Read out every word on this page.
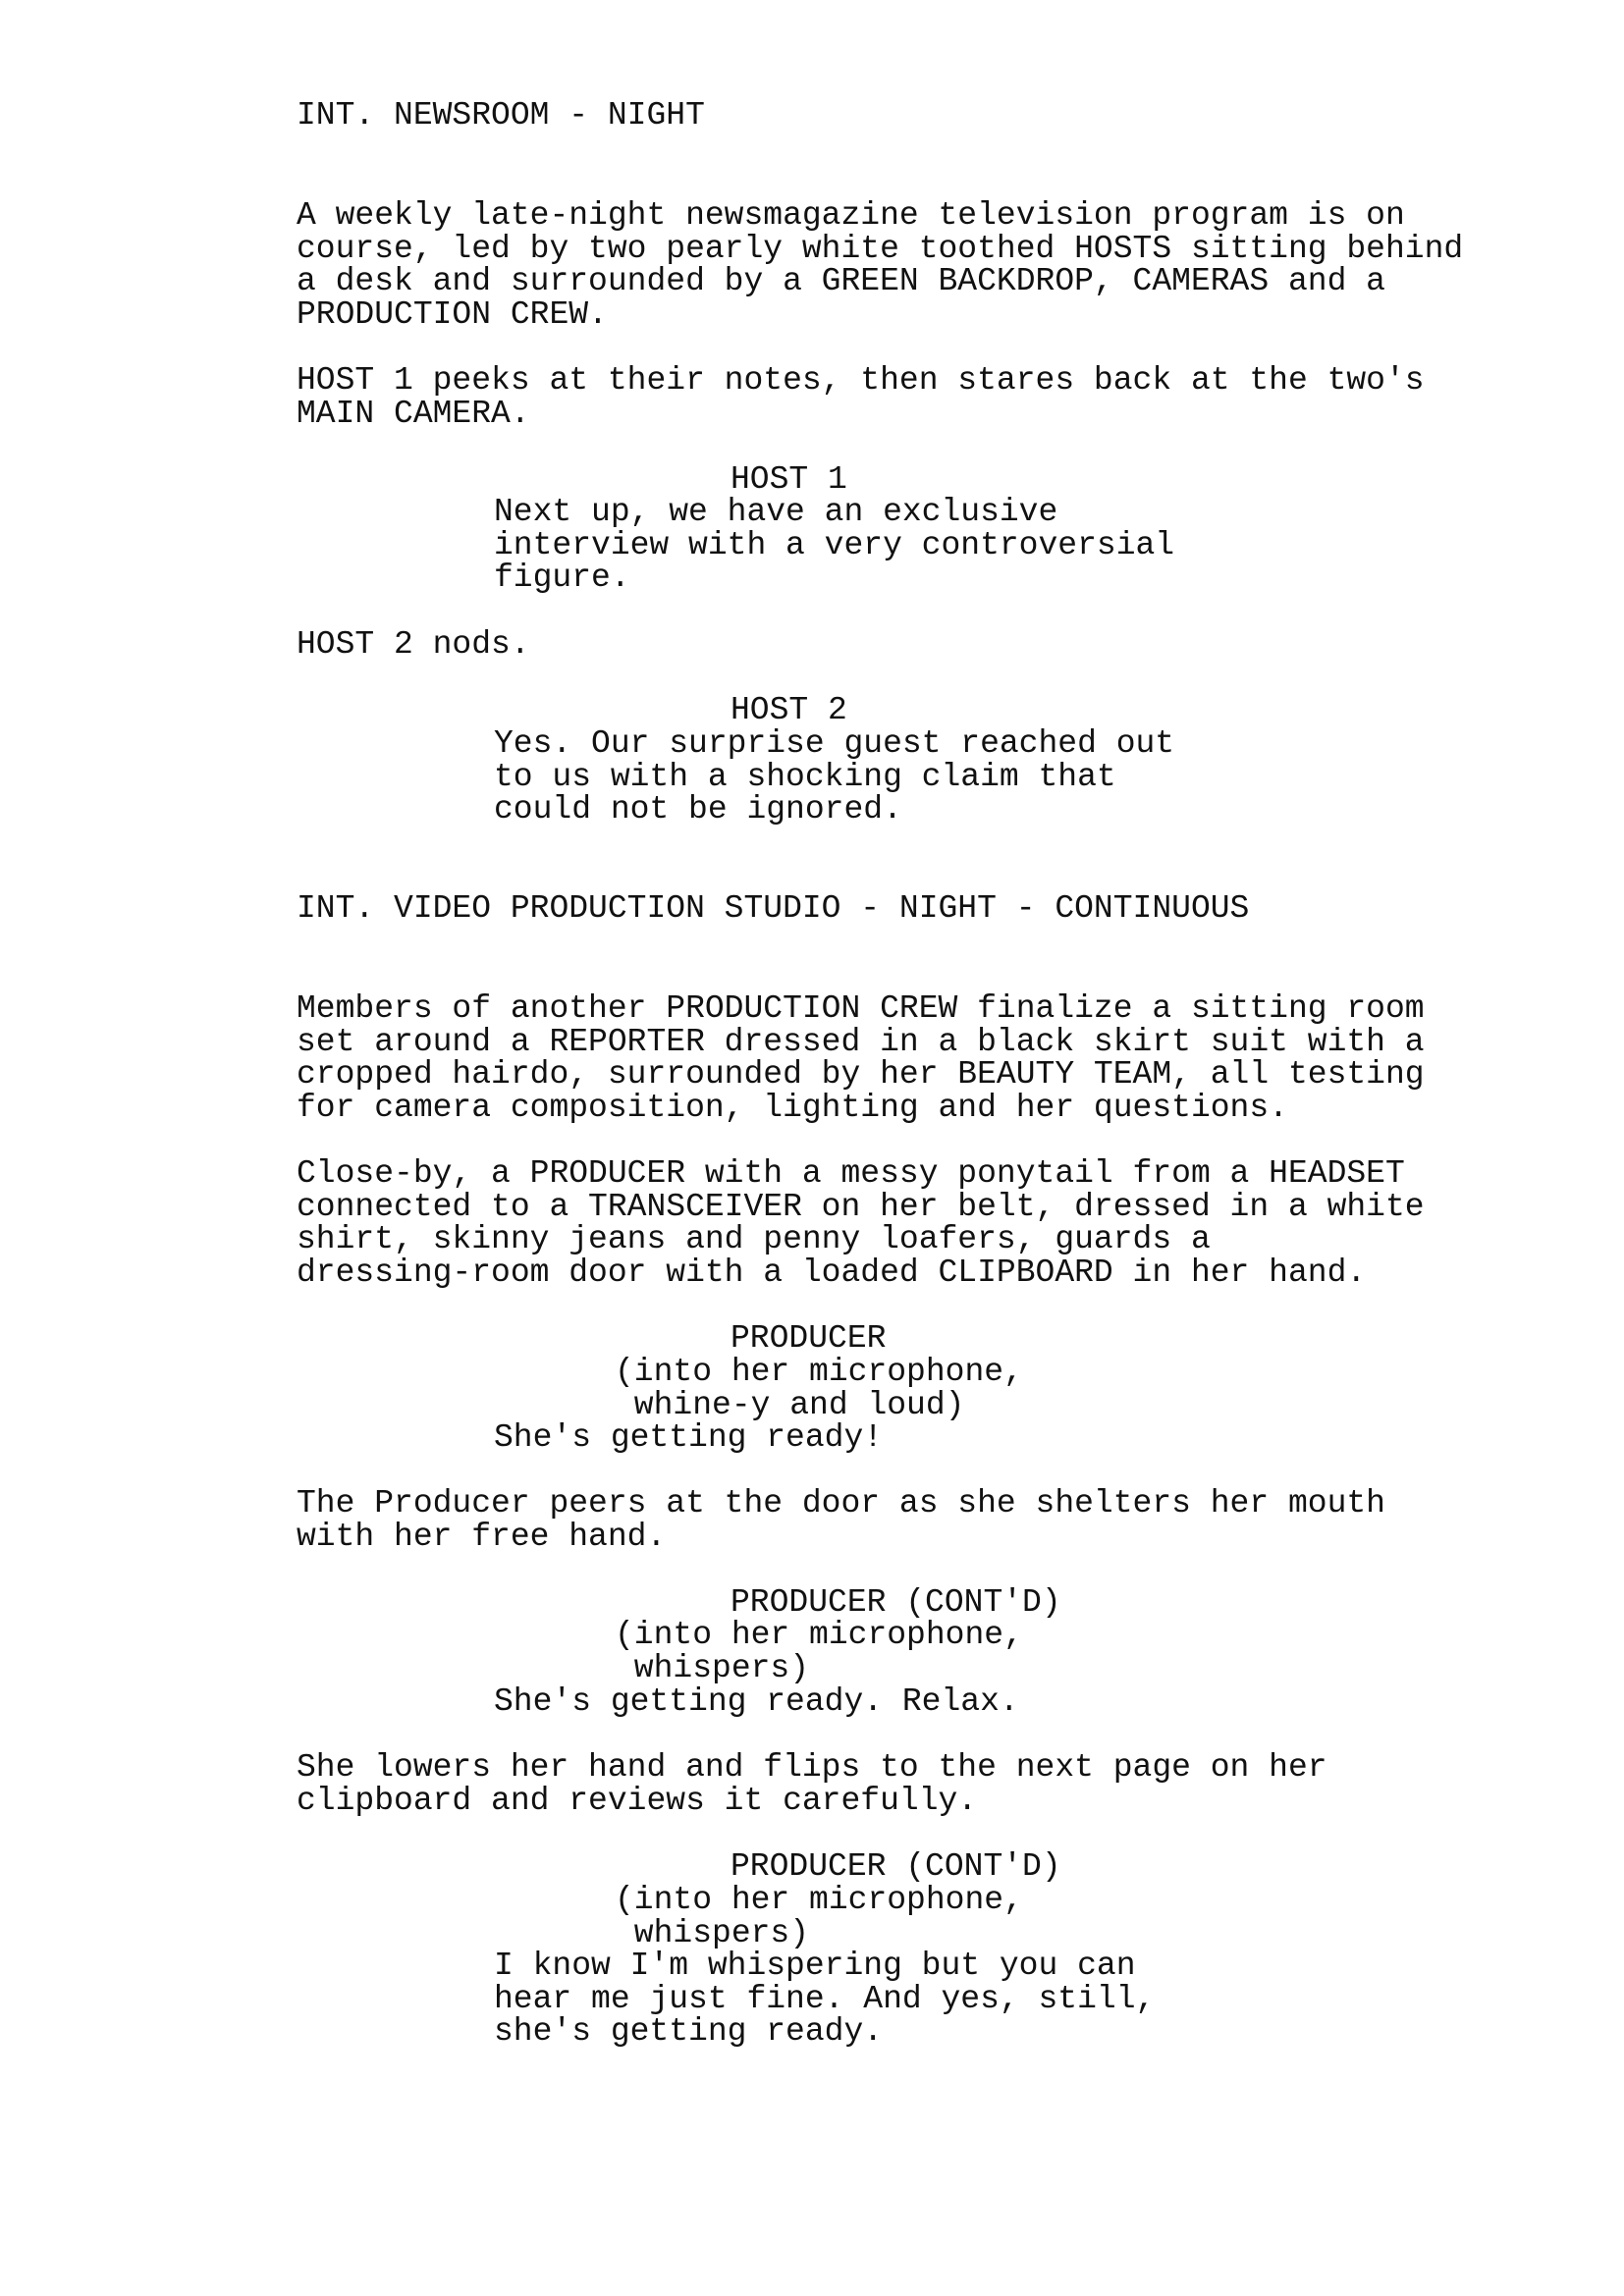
INT. NEWSROOM - NIGHT
A weekly late-night newsmagazine television program is on
course, led by two pearly white toothed HOSTS sitting behind
a desk and surrounded by a GREEN BACKDROP, CAMERAS and a
PRODUCTION CREW.
HOST 1 peeks at their notes, then stares back at the two's
MAIN CAMERA.
HOST 1
Next up, we have an exclusive
interview with a very controversial
figure.
HOST 2 nods.
HOST 2
Yes. Our surprise guest reached out
to us with a shocking claim that
could not be ignored.
INT. VIDEO PRODUCTION STUDIO - NIGHT - CONTINUOUS
Members of another PRODUCTION CREW finalize a sitting room
set around a REPORTER dressed in a black skirt suit with a
cropped hairdo, surrounded by her BEAUTY TEAM, all testing
for camera composition, lighting and her questions.
Close-by, a PRODUCER with a messy ponytail from a HEADSET
connected to a TRANSCEIVER on her belt, dressed in a white
shirt, skinny jeans and penny loafers, guards a
dressing-room door with a loaded CLIPBOARD in her hand.
PRODUCER
(into her microphone,
whine-y and loud)
She's getting ready!
The Producer peers at the door as she shelters her mouth
with her free hand.
PRODUCER (CONT'D)
(into her microphone,
whispers)
She's getting ready. Relax.
She lowers her hand and flips to the next page on her
clipboard and reviews it carefully.
PRODUCER (CONT'D)
(into her microphone,
whispers)
I know I'm whispering but you can
hear me just fine. And yes, still,
she's getting ready.
